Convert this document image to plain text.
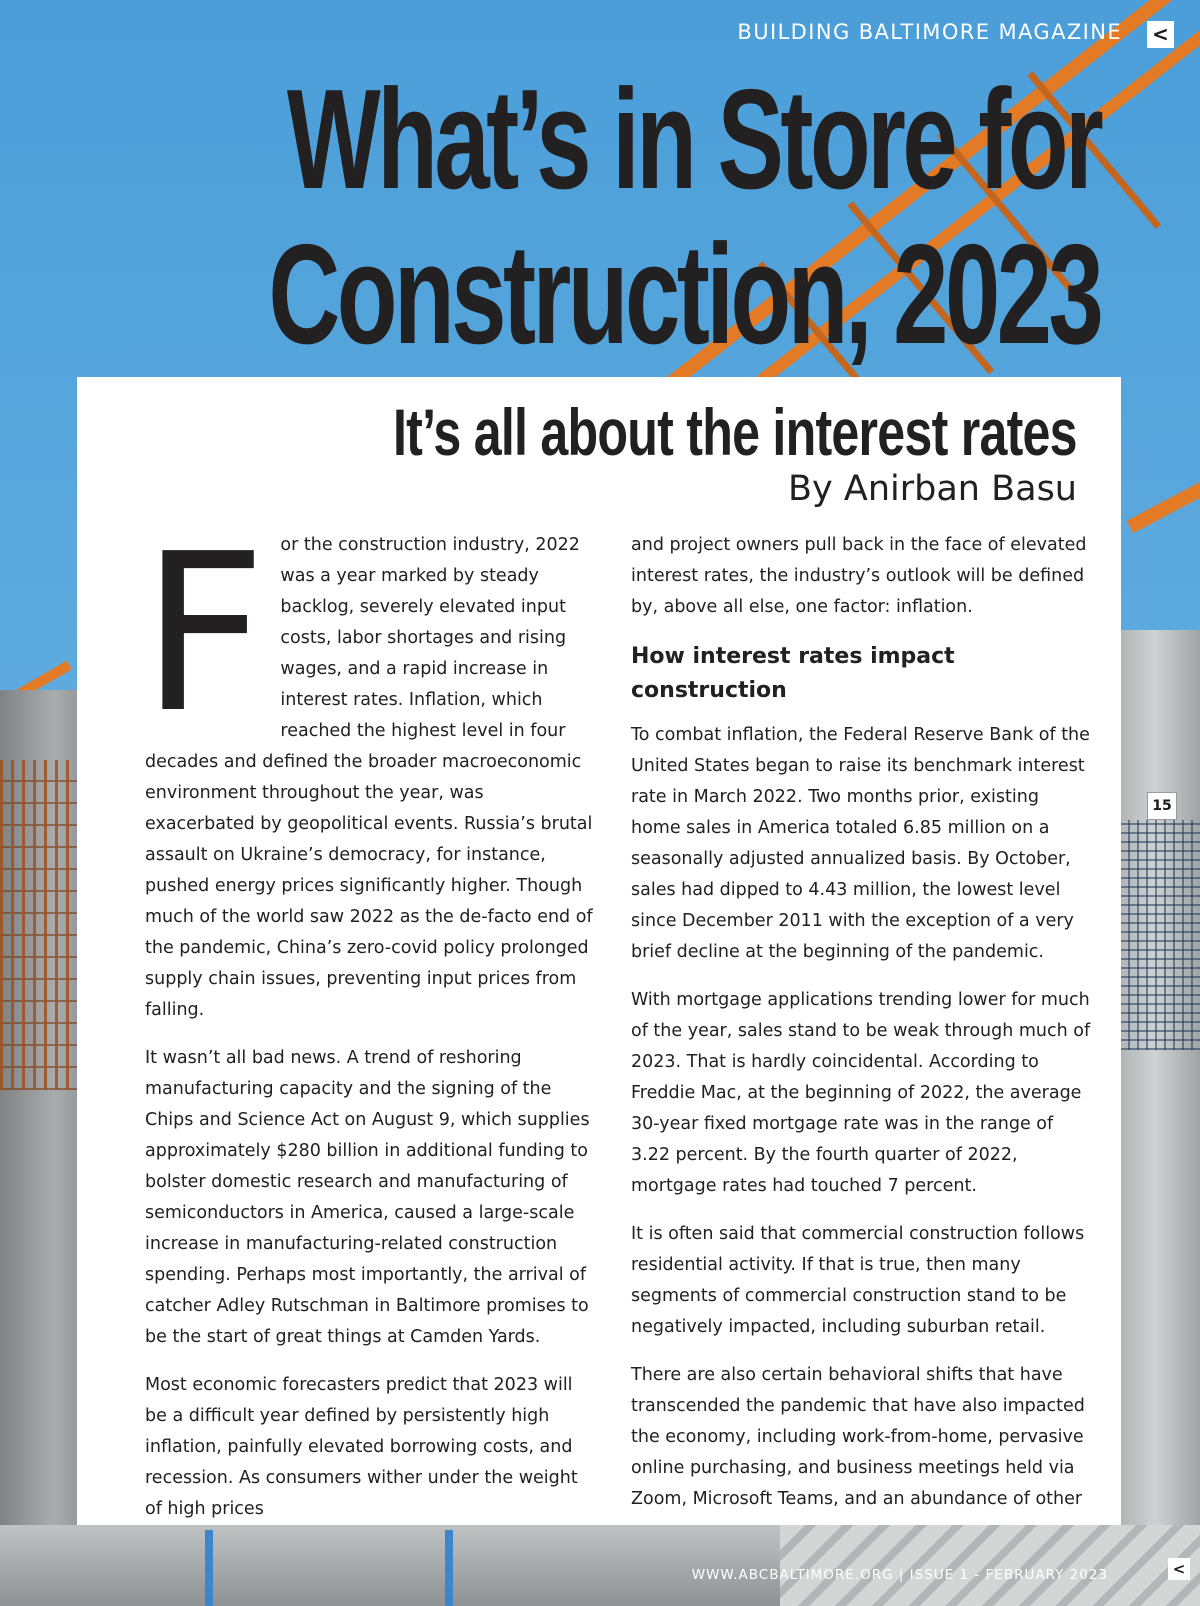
BUILDING BALTIMORE MAGAZINE <
What’s in Store for
Construction, 2023
15
It’s all about the interest rates

By Anirban Basu

For the construction industry, 2022 was a year marked by steady backlog, severely elevated input costs, labor shortages and rising wages, and a rapid increase in interest rates. Inflation, which reached the highest level in four decades and defined the broader macroeconomic environment throughout the year, was exacerbated by geopolitical events. Russia’s brutal assault on Ukraine’s democracy, for instance, pushed energy prices significantly higher. Though much of the world saw 2022 as the de-facto end of the pandemic, China’s zero-covid policy prolonged supply chain issues, preventing input prices from falling.

It wasn’t all bad news. A trend of reshoring manufacturing capacity and the signing of the Chips and Science Act on August 9, which supplies approximately $280 billion in additional funding to bolster domestic research and manufacturing of semiconductors in America, caused a large-scale increase in manufacturing-related construction spending. Perhaps most importantly, the arrival of catcher Adley Rutschman in Baltimore promises to be the start of great things at Camden Yards.

Most economic forecasters predict that 2023 will be a difficult year defined by persistently high inflation, painfully elevated borrowing costs, and recession. As consumers wither under the weight of high prices

and project owners pull back in the face of elevated interest rates, the industry’s outlook will be defined by, above all else, one factor: inflation.

How interest rates impact construction

To combat inflation, the Federal Reserve Bank of the United States began to raise its benchmark interest rate in March 2022. Two months prior, existing home sales in America totaled 6.85 million on a seasonally adjusted annualized basis. By October, sales had dipped to 4.43 million, the lowest level since December 2011 with the exception of a very brief decline at the beginning of the pandemic.

With mortgage applications trending lower for much of the year, sales stand to be weak through much of 2023. That is hardly coincidental. According to Freddie Mac, at the beginning of 2022, the average 30-year fixed mortgage rate was in the range of 3.22 percent. By the fourth quarter of 2022, mortgage rates had touched 7 percent.

It is often said that commercial construction follows residential activity. If that is true, then many segments of commercial construction stand to be negatively impacted, including suburban retail.

There are also certain behavioral shifts that have transcended the pandemic that have also impacted the economy, including work-from-home, pervasive online purchasing, and business meetings held via Zoom, Microsoft Teams, and an abundance of other

WWW.ABCBALTIMORE.ORG | ISSUE 1 - FEBRUARY 2023	<
